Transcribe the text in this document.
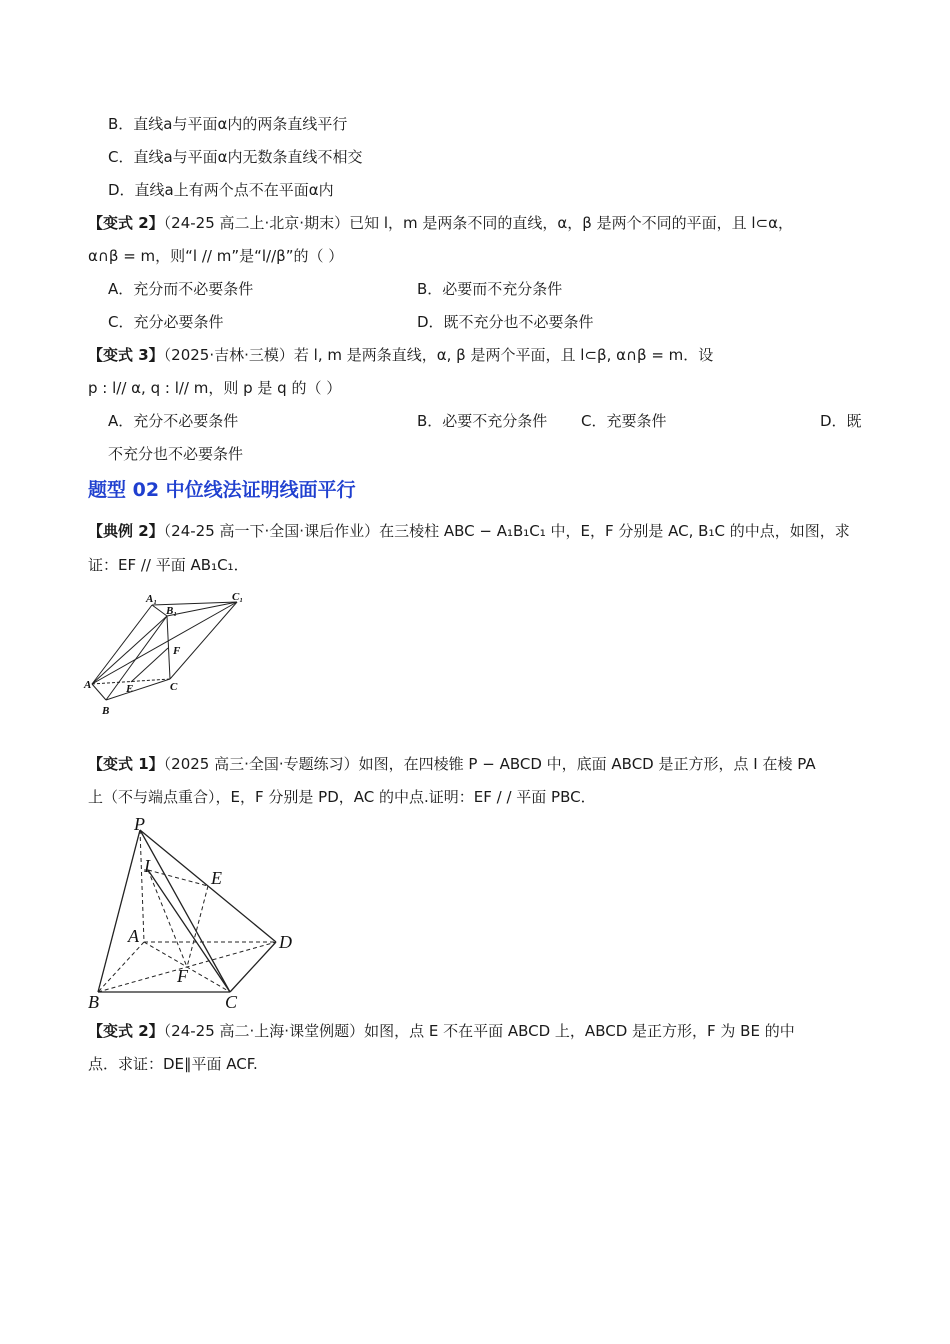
B．直线a与平面α内的两条直线平行
C．直线a与平面α内无数条直线不相交
D．直线a上有两个点不在平面α内
【变式 2】（24-25 高二上·北京·期末）已知 l，m 是两条不同的直线，α，β 是两个不同的平面，且 l⊂α，
α∩β = m，则“l // m”是“l//β”的（ ）
A．充分而不必要条件	B．必要而不充分条件
C．充分必要条件	D．既不充分也不必要条件
【变式 3】（2025·吉林·三模）若 l, m 是两条直线，α, β 是两个平面，且 l⊂β, α∩β = m．设
p : l// α, q : l// m，则 p 是 q 的（ ）
A．充分不必要条件	B．必要不充分条件 C．充要条件	D．既
不充分也不必要条件
题型 02 中位线法证明线面平行
【典例 2】（24-25 高一下·全国·课后作业）在三棱柱 ABC − A₁B₁C₁ 中，E，F 分别是 AC, B₁C 的中点，如图，求
证：EF // 平面 AB₁C₁．
A₁
B₁
C₁
A
B
C
E
F
【变式 1】（2025 高三·全国·专题练习）如图，在四棱锥 P − ABCD 中，底面 ABCD 是正方形，点 I 在棱 PA
上（不与端点重合），E，F 分别是 PD，AC 的中点.证明：EF / / 平面 PBC．
P
I
E
A	D
F
B	C
【变式 2】（24-25 高二·上海·课堂例题）如图，点 E 不在平面 ABCD 上，ABCD 是正方形，F 为 BE 的中
点．求证：DE∥平面 ACF.
